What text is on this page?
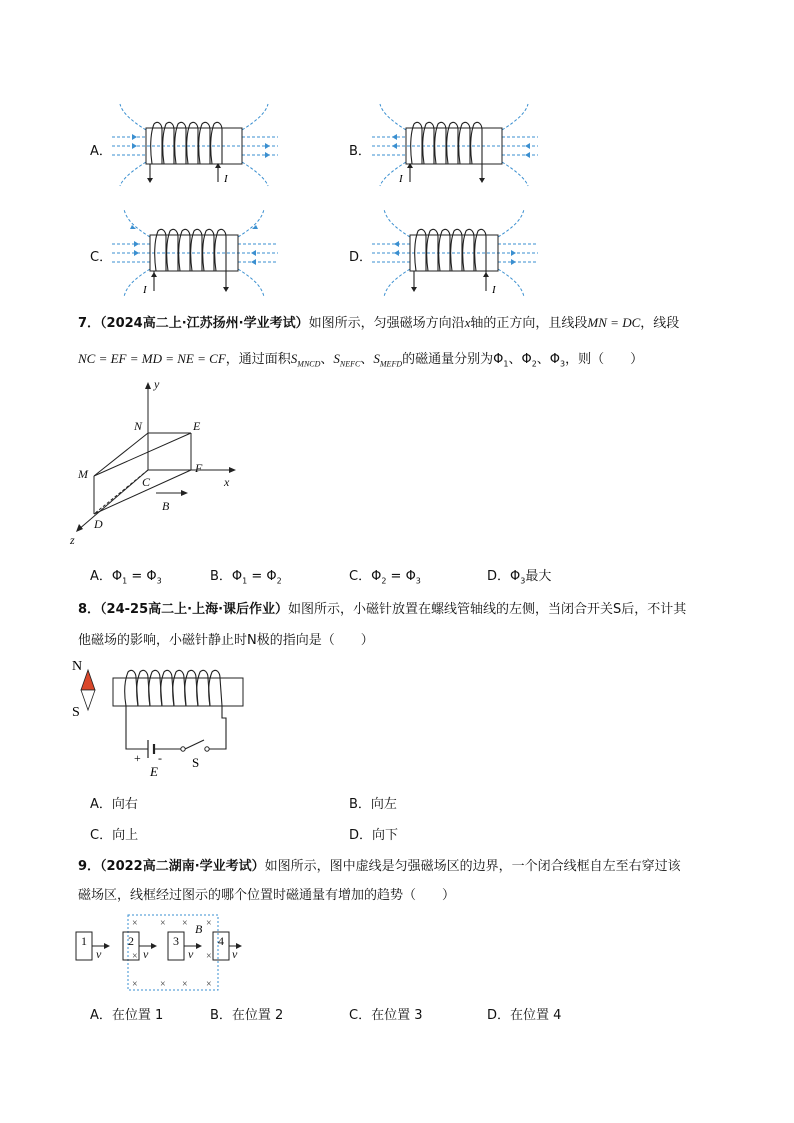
A．	B．
C．	D．
I	I
I	I
7．（2024高二上·江苏扬州·学业考试）如图所示，匀强磁场方向沿x轴的正方向，且线段MN = DC，线段
NC = EF = MD = NE = CF，通过面积$S_{MNCD}$、$S_{NEFC}$、$S_{MEFD}$的磁通量分别为$\Phi_1$、$\Phi_2$、$\Phi_3$，则（　　）
y
x
z
N	E
M	F
C
D
B
A．$\Phi_1 = \Phi_3$	B．$\Phi_1 = \Phi_2$	C．$\Phi_2 = \Phi_3$	D．$\Phi_3$最大
8．（24-25高二上·上海·课后作业）如图所示，小磁针放置在螺线管轴线的左侧，当闭合开关S后，不计其
他磁场的影响，小磁针静止时N极的指向是（　　）
N
S
+ -
E
S
A．向右	B．向左
C．向上	D．向下
9．（2022高二湖南·学业考试）如图所示，图中虚线是匀强磁场区的边界，一个闭合线框自左至右穿过该
磁场区，线框经过图示的哪个位置时磁通量有增加的趋势（　　）
× × × ×
×
× × × ×
×
1	2	3	4
B
v	v	v	v
A．在位置 1	B．在位置 2	C．在位置 3	D．在位置 4
